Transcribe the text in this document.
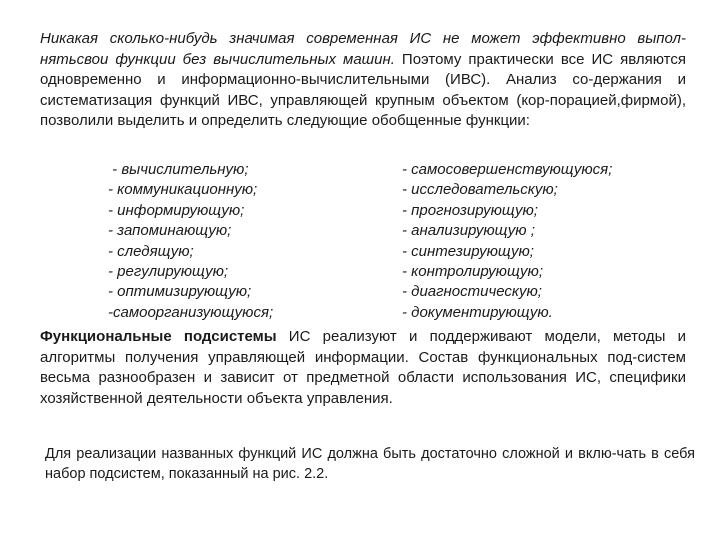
Никакая сколько-нибудь значимая современная ИС не может эффективно выпол-нятьсвои функции без вычислительных машин. Поэтому практически все ИС являются одновременно и информационно-вычислительными (ИВС). Анализ со-держания и систематизация функций ИВС, управляющей крупным объектом (кор-порацией,фирмой), позволили выделить и определить следующие обобщенные функции:

- вычислительную;
- коммуникационную;
- информирующую;
- запоминающую;
- следящую;
- регулирующую;
- оптимизирующую;
-самоорганизующуюся;
- самосовершенствующуюся;
- исследовательскую;
- прогнозирующую;
- анализирующую ;
- синтезирующую;
- контролирующую;
- диагностическую;
- документирующую.

Функциональные подсистемы ИС реализуют и поддерживают модели, методы и алгоритмы получения управляющей информации. Состав функциональных под-систем весьма разнообразен и зависит от предметной области использования ИС, специфики хозяйственной деятельности объекта управления.

Для реализации названных функций ИС должна быть достаточно сложной и вклю-чать в себя набор подсистем, показанный на рис. 2.2.
